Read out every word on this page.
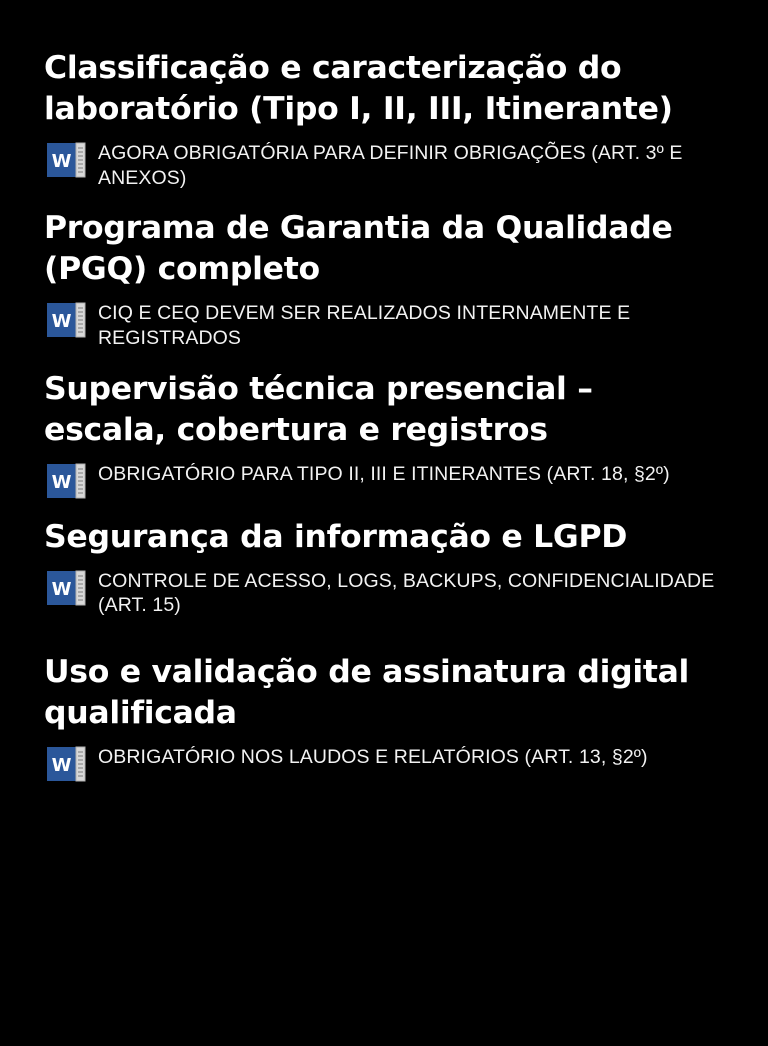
Classificação e caracterização do laboratório (Tipo I, II, III, Itinerante)
W AGORA OBRIGATÓRIA PARA DEFINIR OBRIGAÇÕES (ART. 3º E ANEXOS)
Programa de Garantia da Qualidade (PGQ) completo
W CIQ E CEQ DEVEM SER REALIZADOS INTERNAMENTE E REGISTRADOS
Supervisão técnica presencial – escala, cobertura e registros
W OBRIGATÓRIO PARA TIPO II, III E ITINERANTES (ART. 18, §2º)
Segurança da informação e LGPD
W CONTROLE DE ACESSO, LOGS, BACKUPS, CONFIDENCIALIDADE (ART. 15)
Uso e validação de assinatura digital qualificada
W OBRIGATÓRIO NOS LAUDOS E RELATÓRIOS (ART. 13, §2º)
